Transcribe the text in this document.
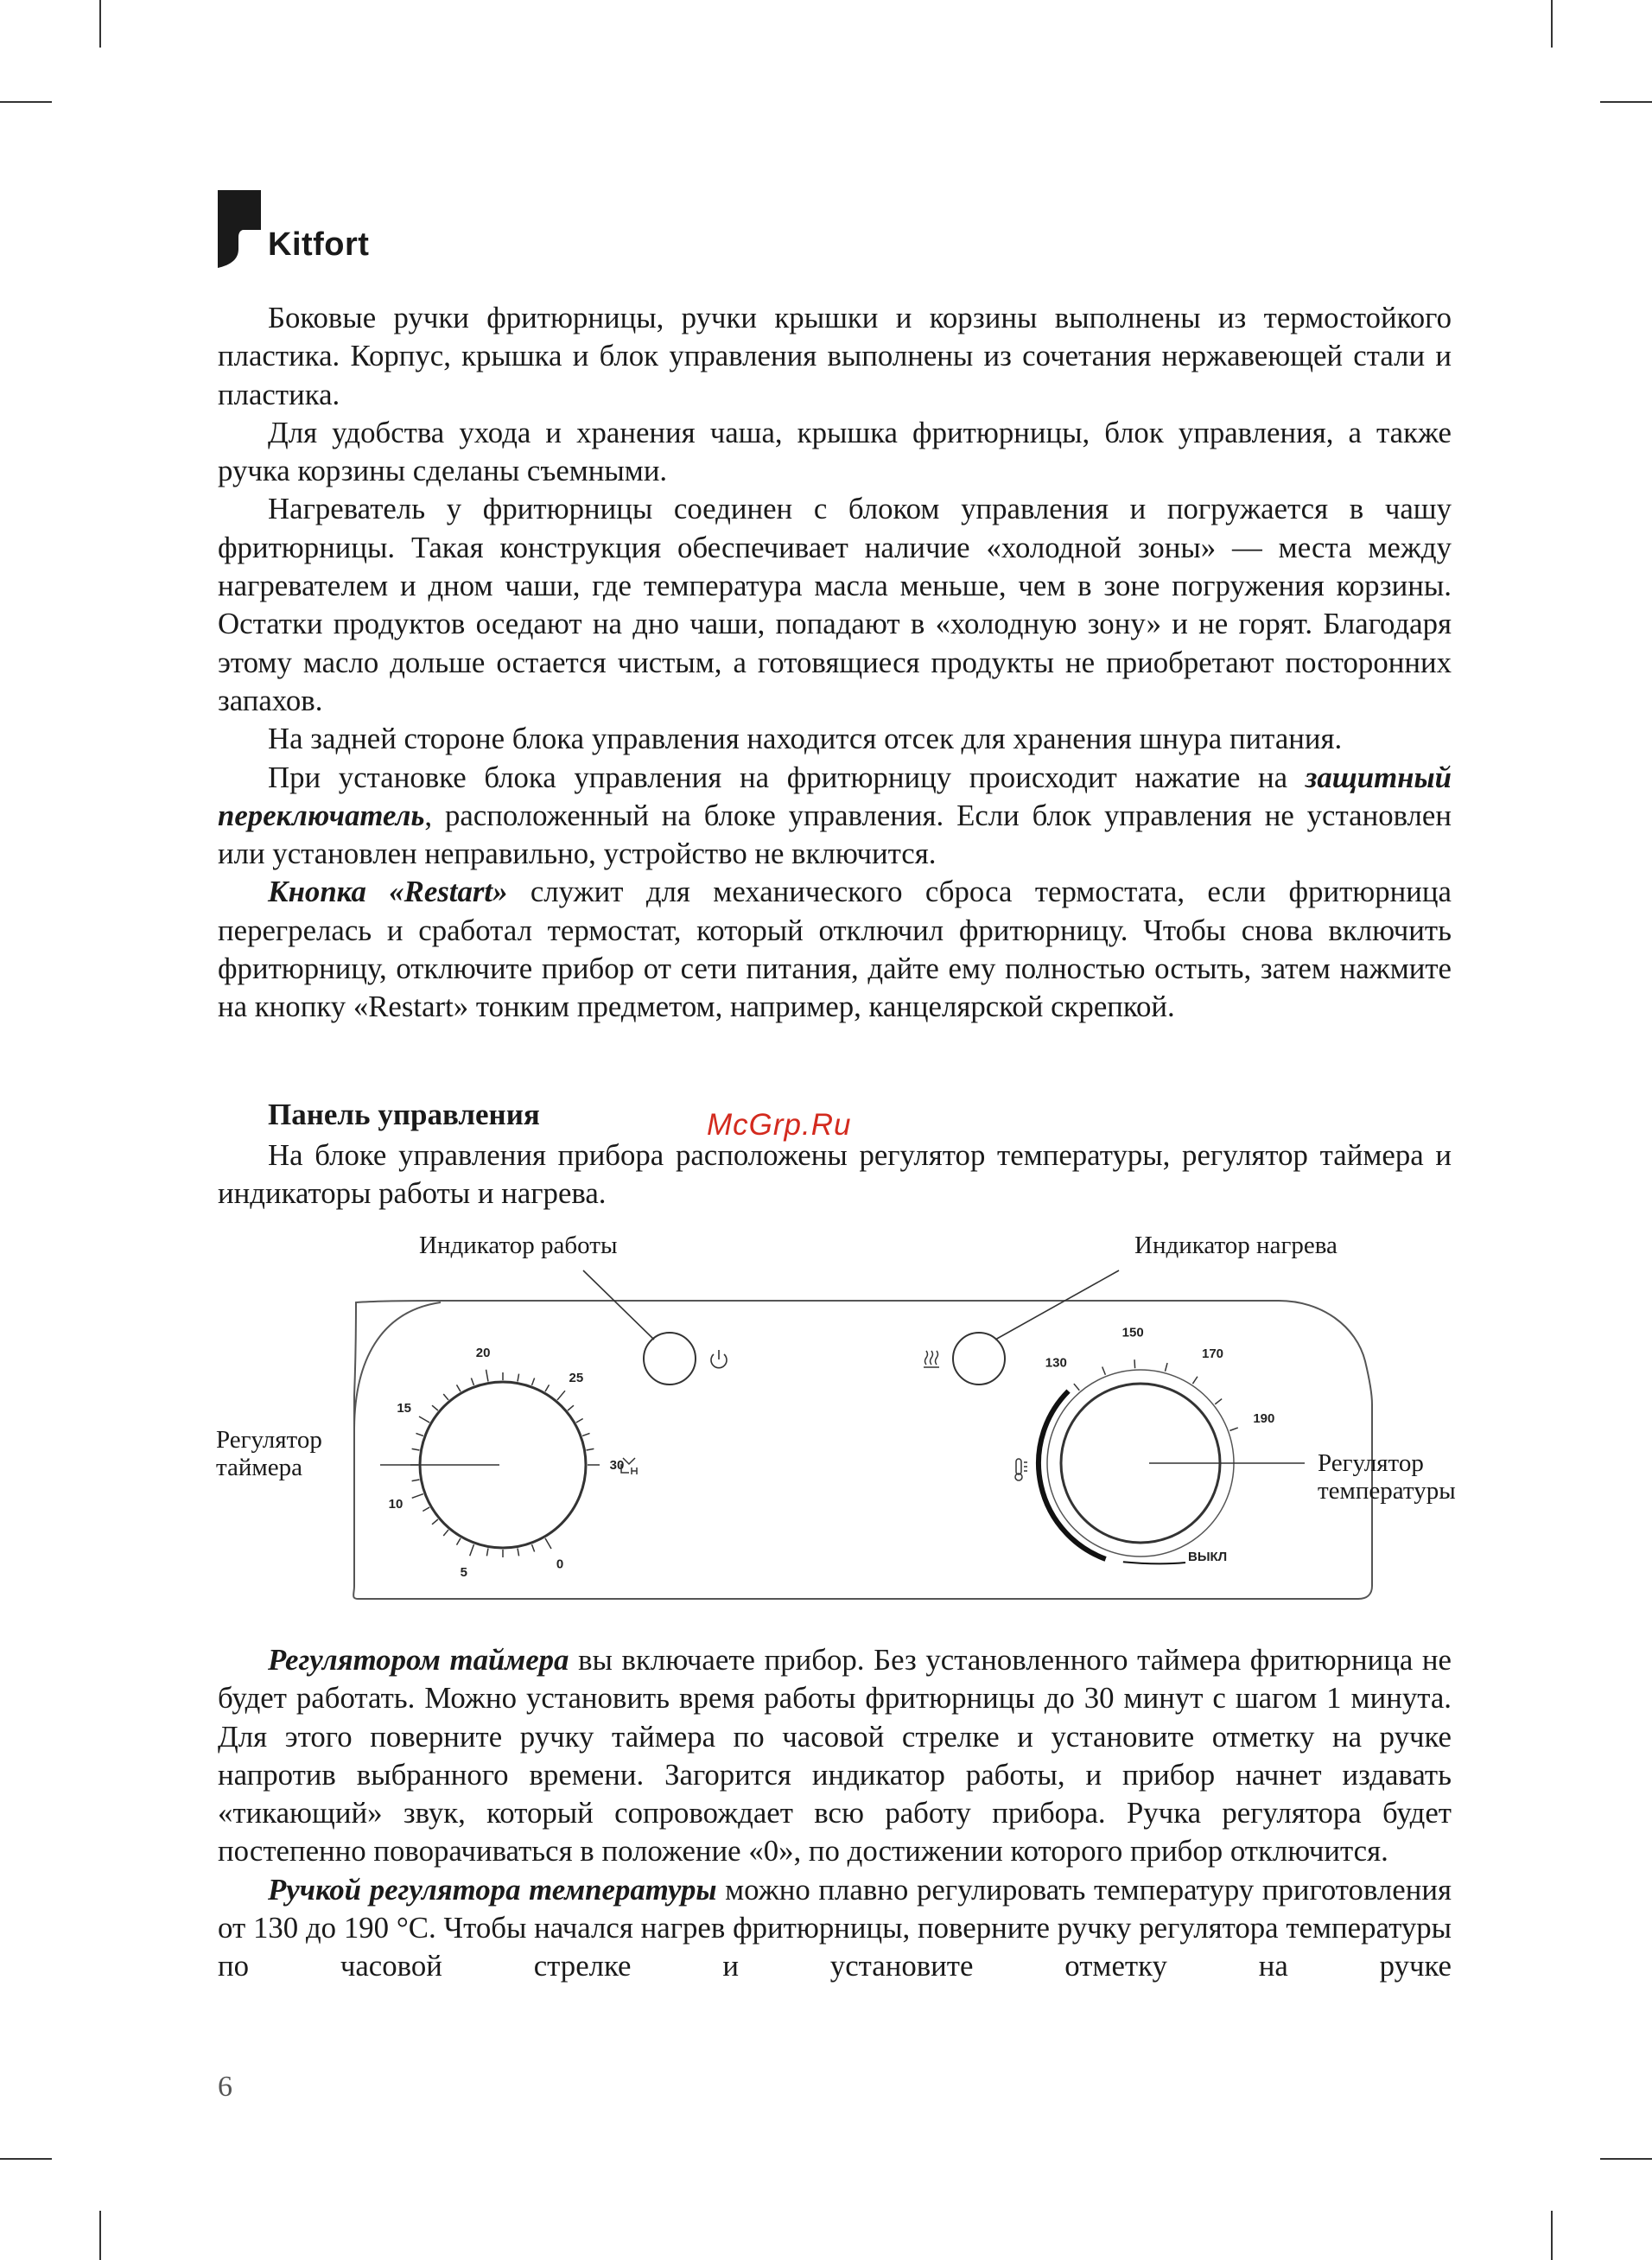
Kitfort

Боковые ручки фритюрницы, ручки крышки и корзины выполнены из термостойкого пластика. Корпус, крышка и блок управления выполнены из сочетания нержавеющей стали и пластика.

Для удобства ухода и хранения чаша, крышка фритюрницы, блок управления, а также ручка корзины сделаны съемными.

Нагреватель у фритюрницы соединен с блоком управления и погружается в чашу фритюрницы. Такая конструкция обеспечивает наличие «холодной зоны» — места между нагревателем и дном чаши, где температура масла меньше, чем в зоне погружения корзины. Остатки продуктов оседают на дно чаши, попадают в «холодную зону» и не горят. Благодаря этому масло дольше остается чистым, а готовящиеся продукты не приобретают посторонних запахов.

На задней стороне блока управления находится отсек для хранения шнура питания.

При установке блока управления на фритюрницу происходит нажатие на защитный переключатель, расположенный на блоке управления. Если блок управления не установлен или установлен неправильно, устройство не включится.

Кнопка «Restart» служит для механического сброса термостата, если фритюрница перегрелась и сработал термостат, который отключил фритюрницу. Чтобы снова включить фритюрницу, отключите прибор от сети питания, дайте ему полностью остыть, затем нажмите на кнопку «Restart» тонким предметом, например, канцелярской скрепкой.

Панель управления	McGrp.Ru

На блоке управления прибора расположены регулятор температуры, регулятор таймера и индикаторы работы и нагрева.

0
5
10
15
20
25
30
130
150
170
190
ВЫКЛ
Индикатор работы	Индикатор нагрева
Регулятор
таймера	Регулятор
температуры

Регулятором таймера вы включаете прибор. Без установленного таймера фритюрница не будет работать. Можно установить время работы фритюрницы до 30 минут с шагом 1 минута. Для этого поверните ручку таймера по часовой стрелке и установите отметку на ручке напротив выбранного времени. Загорится индикатор работы, и прибор начнет издавать «тикающий» звук, который сопровождает всю работу прибора. Ручка регулятора будет постепенно поворачиваться в положение «0», по достижении которого прибор отключится.

Ручкой регулятора температуры можно плавно регулировать температуру приготовления от 130 до 190 °С. Чтобы начался нагрев фритюрницы, поверните ручку регулятора температуры по часовой стрелке и установите отметку на ручке

6
